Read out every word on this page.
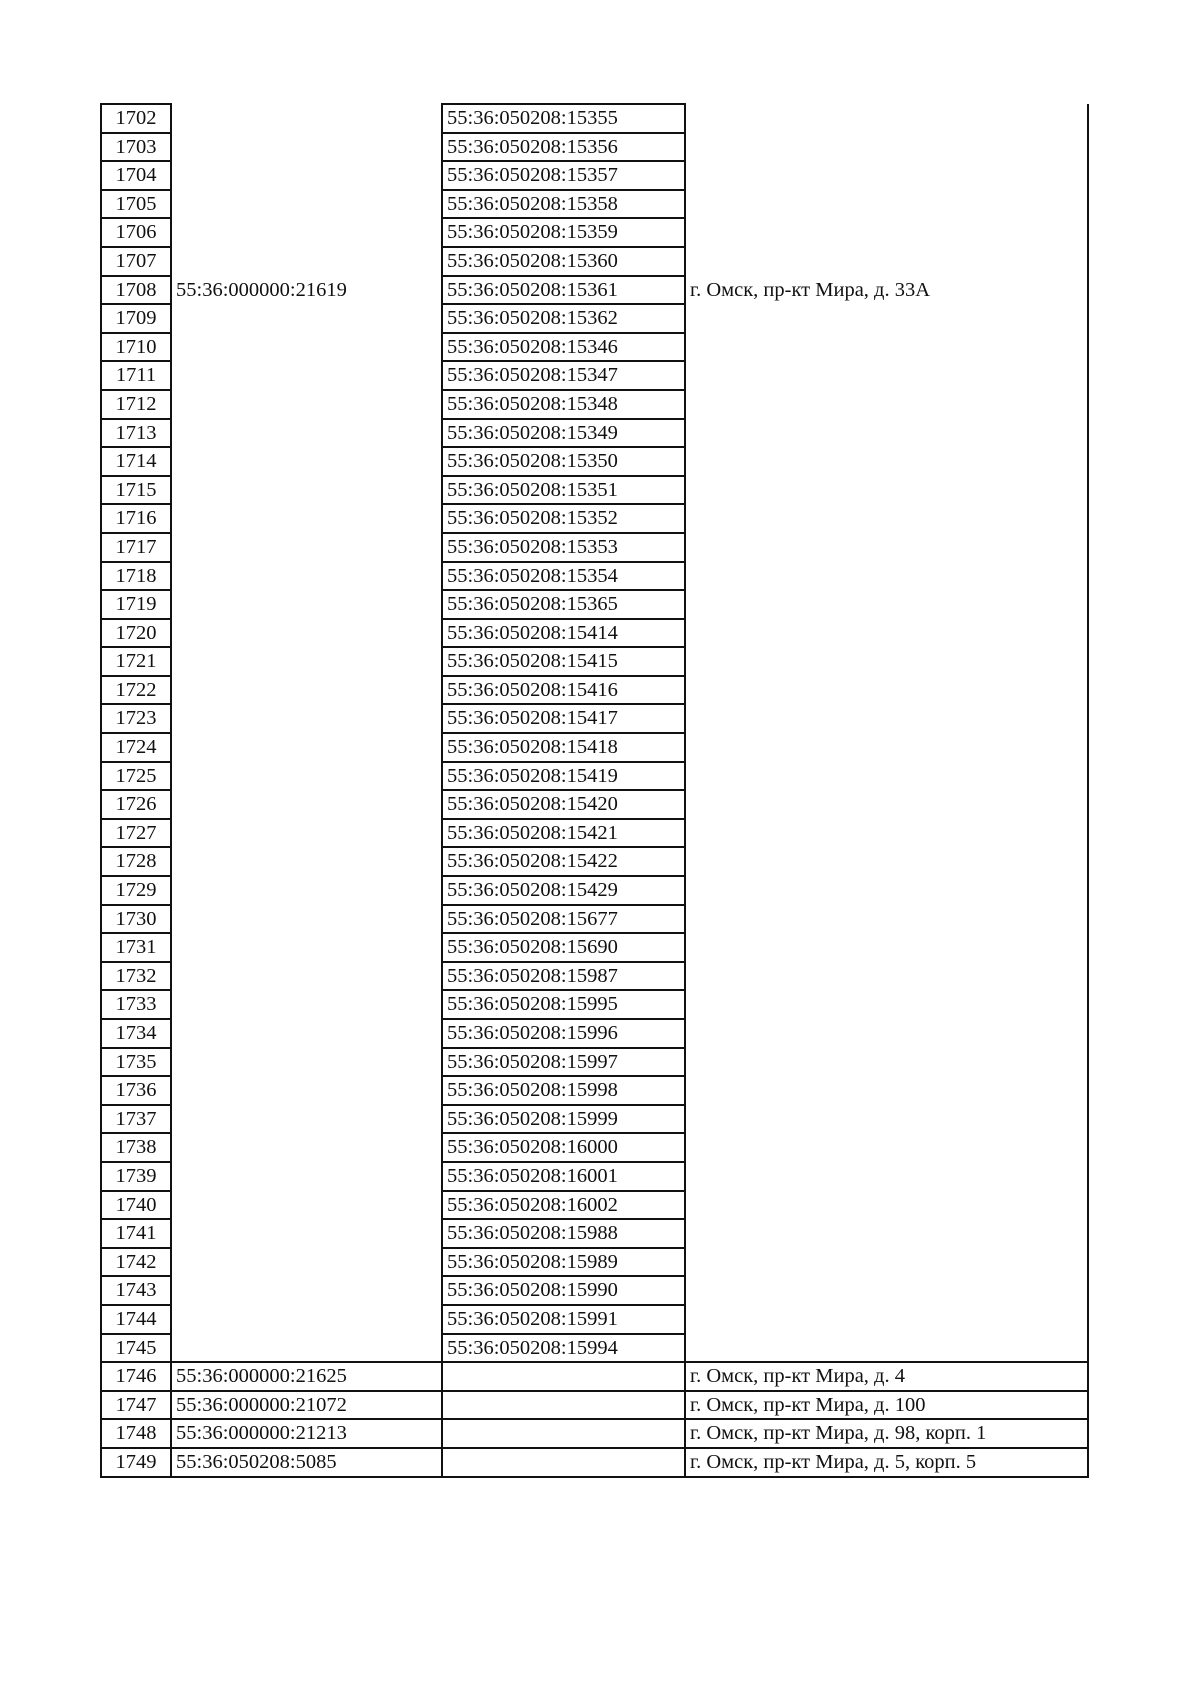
1702		55:36:050208:15355	
1703		55:36:050208:15356	
1704		55:36:050208:15357	
1705		55:36:050208:15358	
1706		55:36:050208:15359	
1707		55:36:050208:15360	
1708	55:36:000000:21619	55:36:050208:15361	г. Омск, пр-кт Мира, д. 33А
1709		55:36:050208:15362	
1710		55:36:050208:15346	
1711		55:36:050208:15347	
1712		55:36:050208:15348	
1713		55:36:050208:15349	
1714		55:36:050208:15350	
1715		55:36:050208:15351	
1716		55:36:050208:15352	
1717		55:36:050208:15353	
1718		55:36:050208:15354	
1719		55:36:050208:15365	
1720		55:36:050208:15414	
1721		55:36:050208:15415	
1722		55:36:050208:15416	
1723		55:36:050208:15417	
1724		55:36:050208:15418	
1725		55:36:050208:15419	
1726		55:36:050208:15420	
1727		55:36:050208:15421	
1728		55:36:050208:15422	
1729		55:36:050208:15429	
1730		55:36:050208:15677	
1731		55:36:050208:15690	
1732		55:36:050208:15987	
1733		55:36:050208:15995	
1734		55:36:050208:15996	
1735		55:36:050208:15997	
1736		55:36:050208:15998	
1737		55:36:050208:15999	
1738		55:36:050208:16000	
1739		55:36:050208:16001	
1740		55:36:050208:16002	
1741		55:36:050208:15988	
1742		55:36:050208:15989	
1743		55:36:050208:15990	
1744		55:36:050208:15991	
1745		55:36:050208:15994	
1746	55:36:000000:21625		г. Омск, пр-кт Мира, д. 4
1747	55:36:000000:21072		г. Омск, пр-кт Мира, д. 100
1748	55:36:000000:21213		г. Омск, пр-кт Мира, д. 98, корп. 1
1749	55:36:050208:5085		г. Омск, пр-кт Мира, д. 5, корп. 5
